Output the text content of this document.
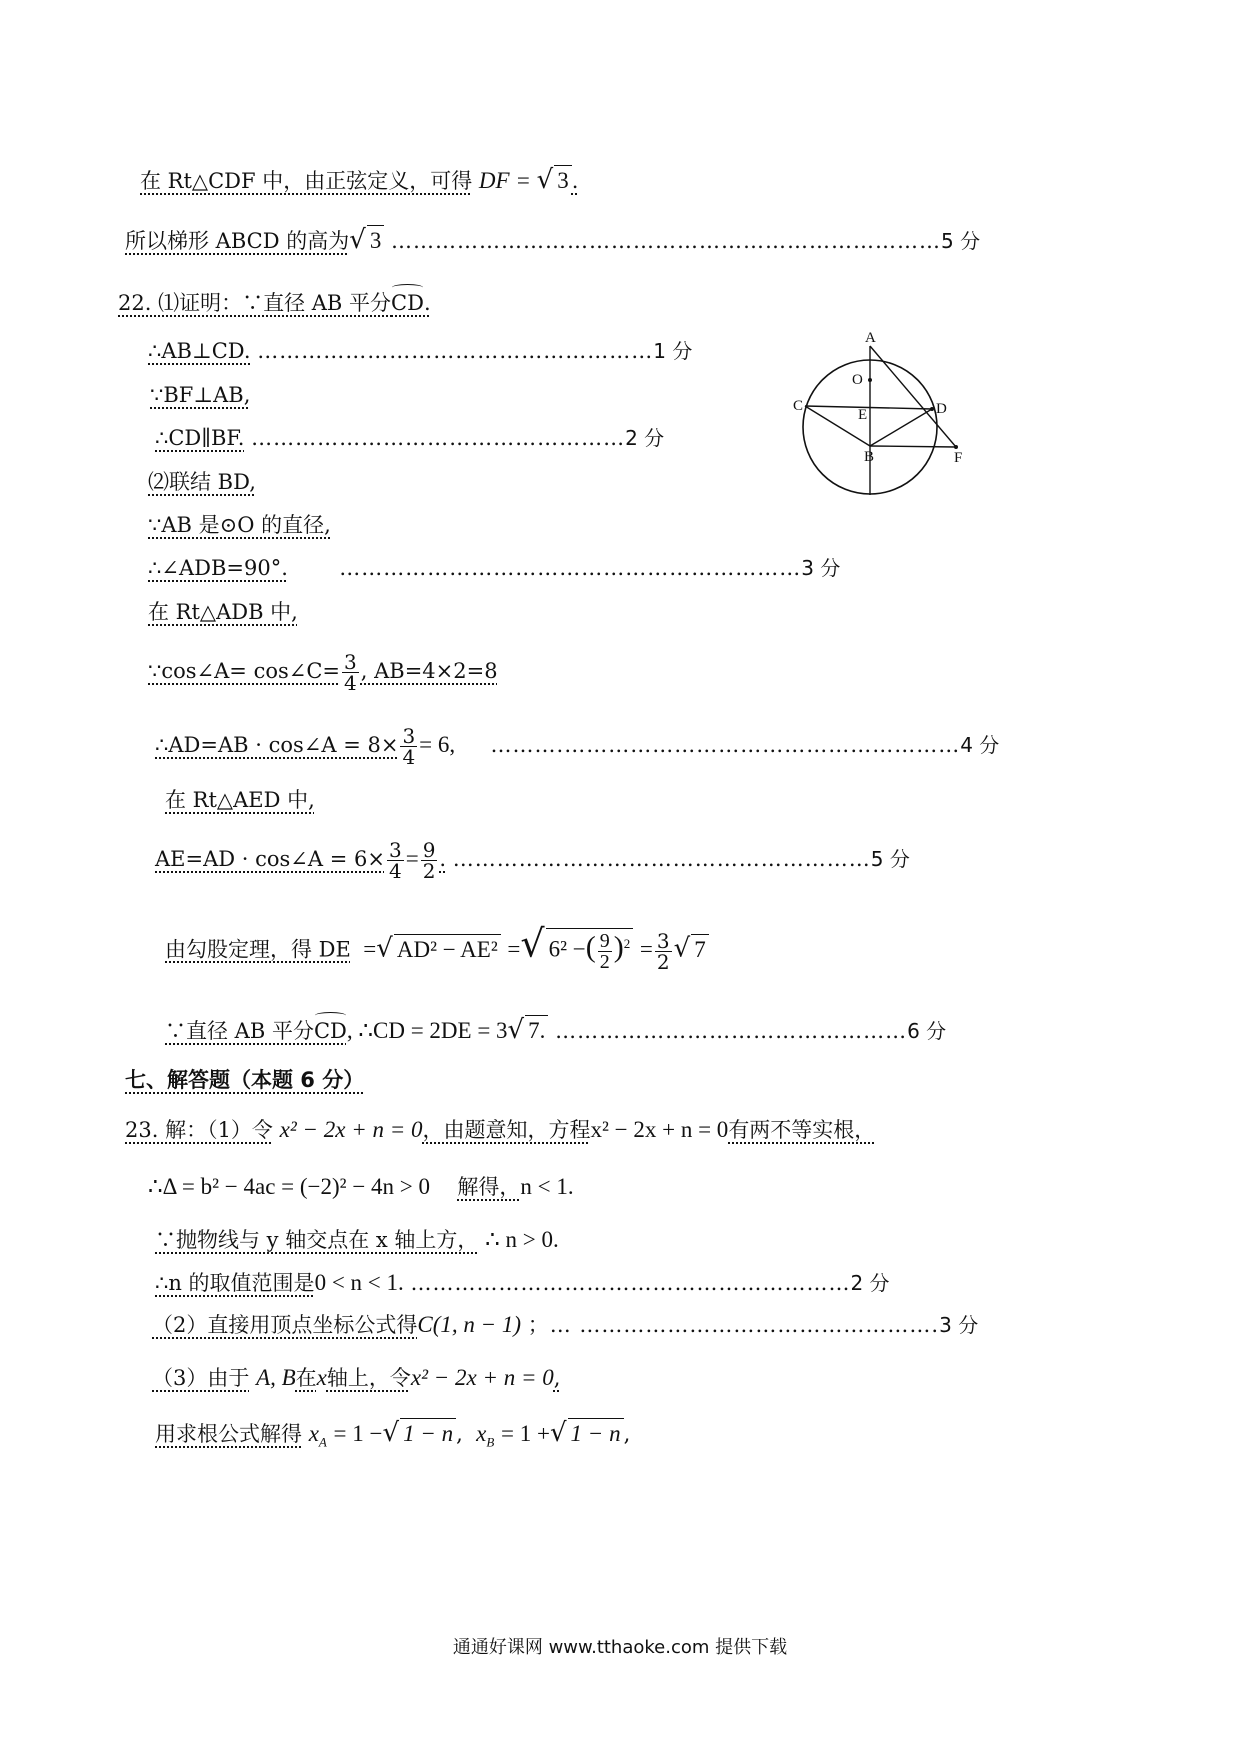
在 Rt△CDF 中，由正弦定义，可得 DF = √ 3 .
所以梯形 ABCD 的高为√ 3 …………………………………………………………………5 分
22. ⑴证明：∵直径 AB 平分CD.
∴AB⊥CD. ………………………………………………1 分
∵BF⊥AB,
∴CD∥BF. ……………………………………………2 分
⑵联结 BD,
∵AB 是⊙O 的直径,
∴∠ADB=90°. ………………………………………………………3 分
在 Rt△ADB 中,
∵cos∠A= cos∠C= $\frac{3}{4}$ , AB=4×2=8
∴AD=AB · cos∠A = $8\times \frac{3}{4} = 6$, ……….………………………………………………4 分
在 Rt△AED 中,
AE=AD · cos∠A = $6\times \frac{3}{4} = \frac{9}{2}$ . …………………………………………………5 分
由勾股定理，得 DE  =√ AD² − AE² =√ 6² −( $\frac{9}{2} )^2 = \frac{3}{2}$ √ 7
∵直径 AB 平分CD, ∴CD = 2DE = 3√ 7. …………………………………………6 分
七、解答题（本题 6 分）
23. 解：（1）令 x² − 2x + n = 0，由题意知，方程x² − 2x + n = 0有两不等实根，
∴Δ = b² − 4ac = (−2)² − 4n > 0 解得，n < 1.
∵抛物线与 y 轴交点在 x 轴上方， ∴ n > 0.
∴n 的取值范围是0 < n < 1. ……………………………………………………2 分
（2）直接用顶点坐标公式得C(1, n − 1) ；… ………………………………………….3 分
（3）由于 A, B在x轴上，令x² − 2x + n = 0,
用求根公式解得 $x_A = 1$ −√ 1 − n ,  $x_B = 1$ +√ 1 − n ,
A
O
C
E	D
B	F
通通好课网 www.tthaoke.com 提供下载
